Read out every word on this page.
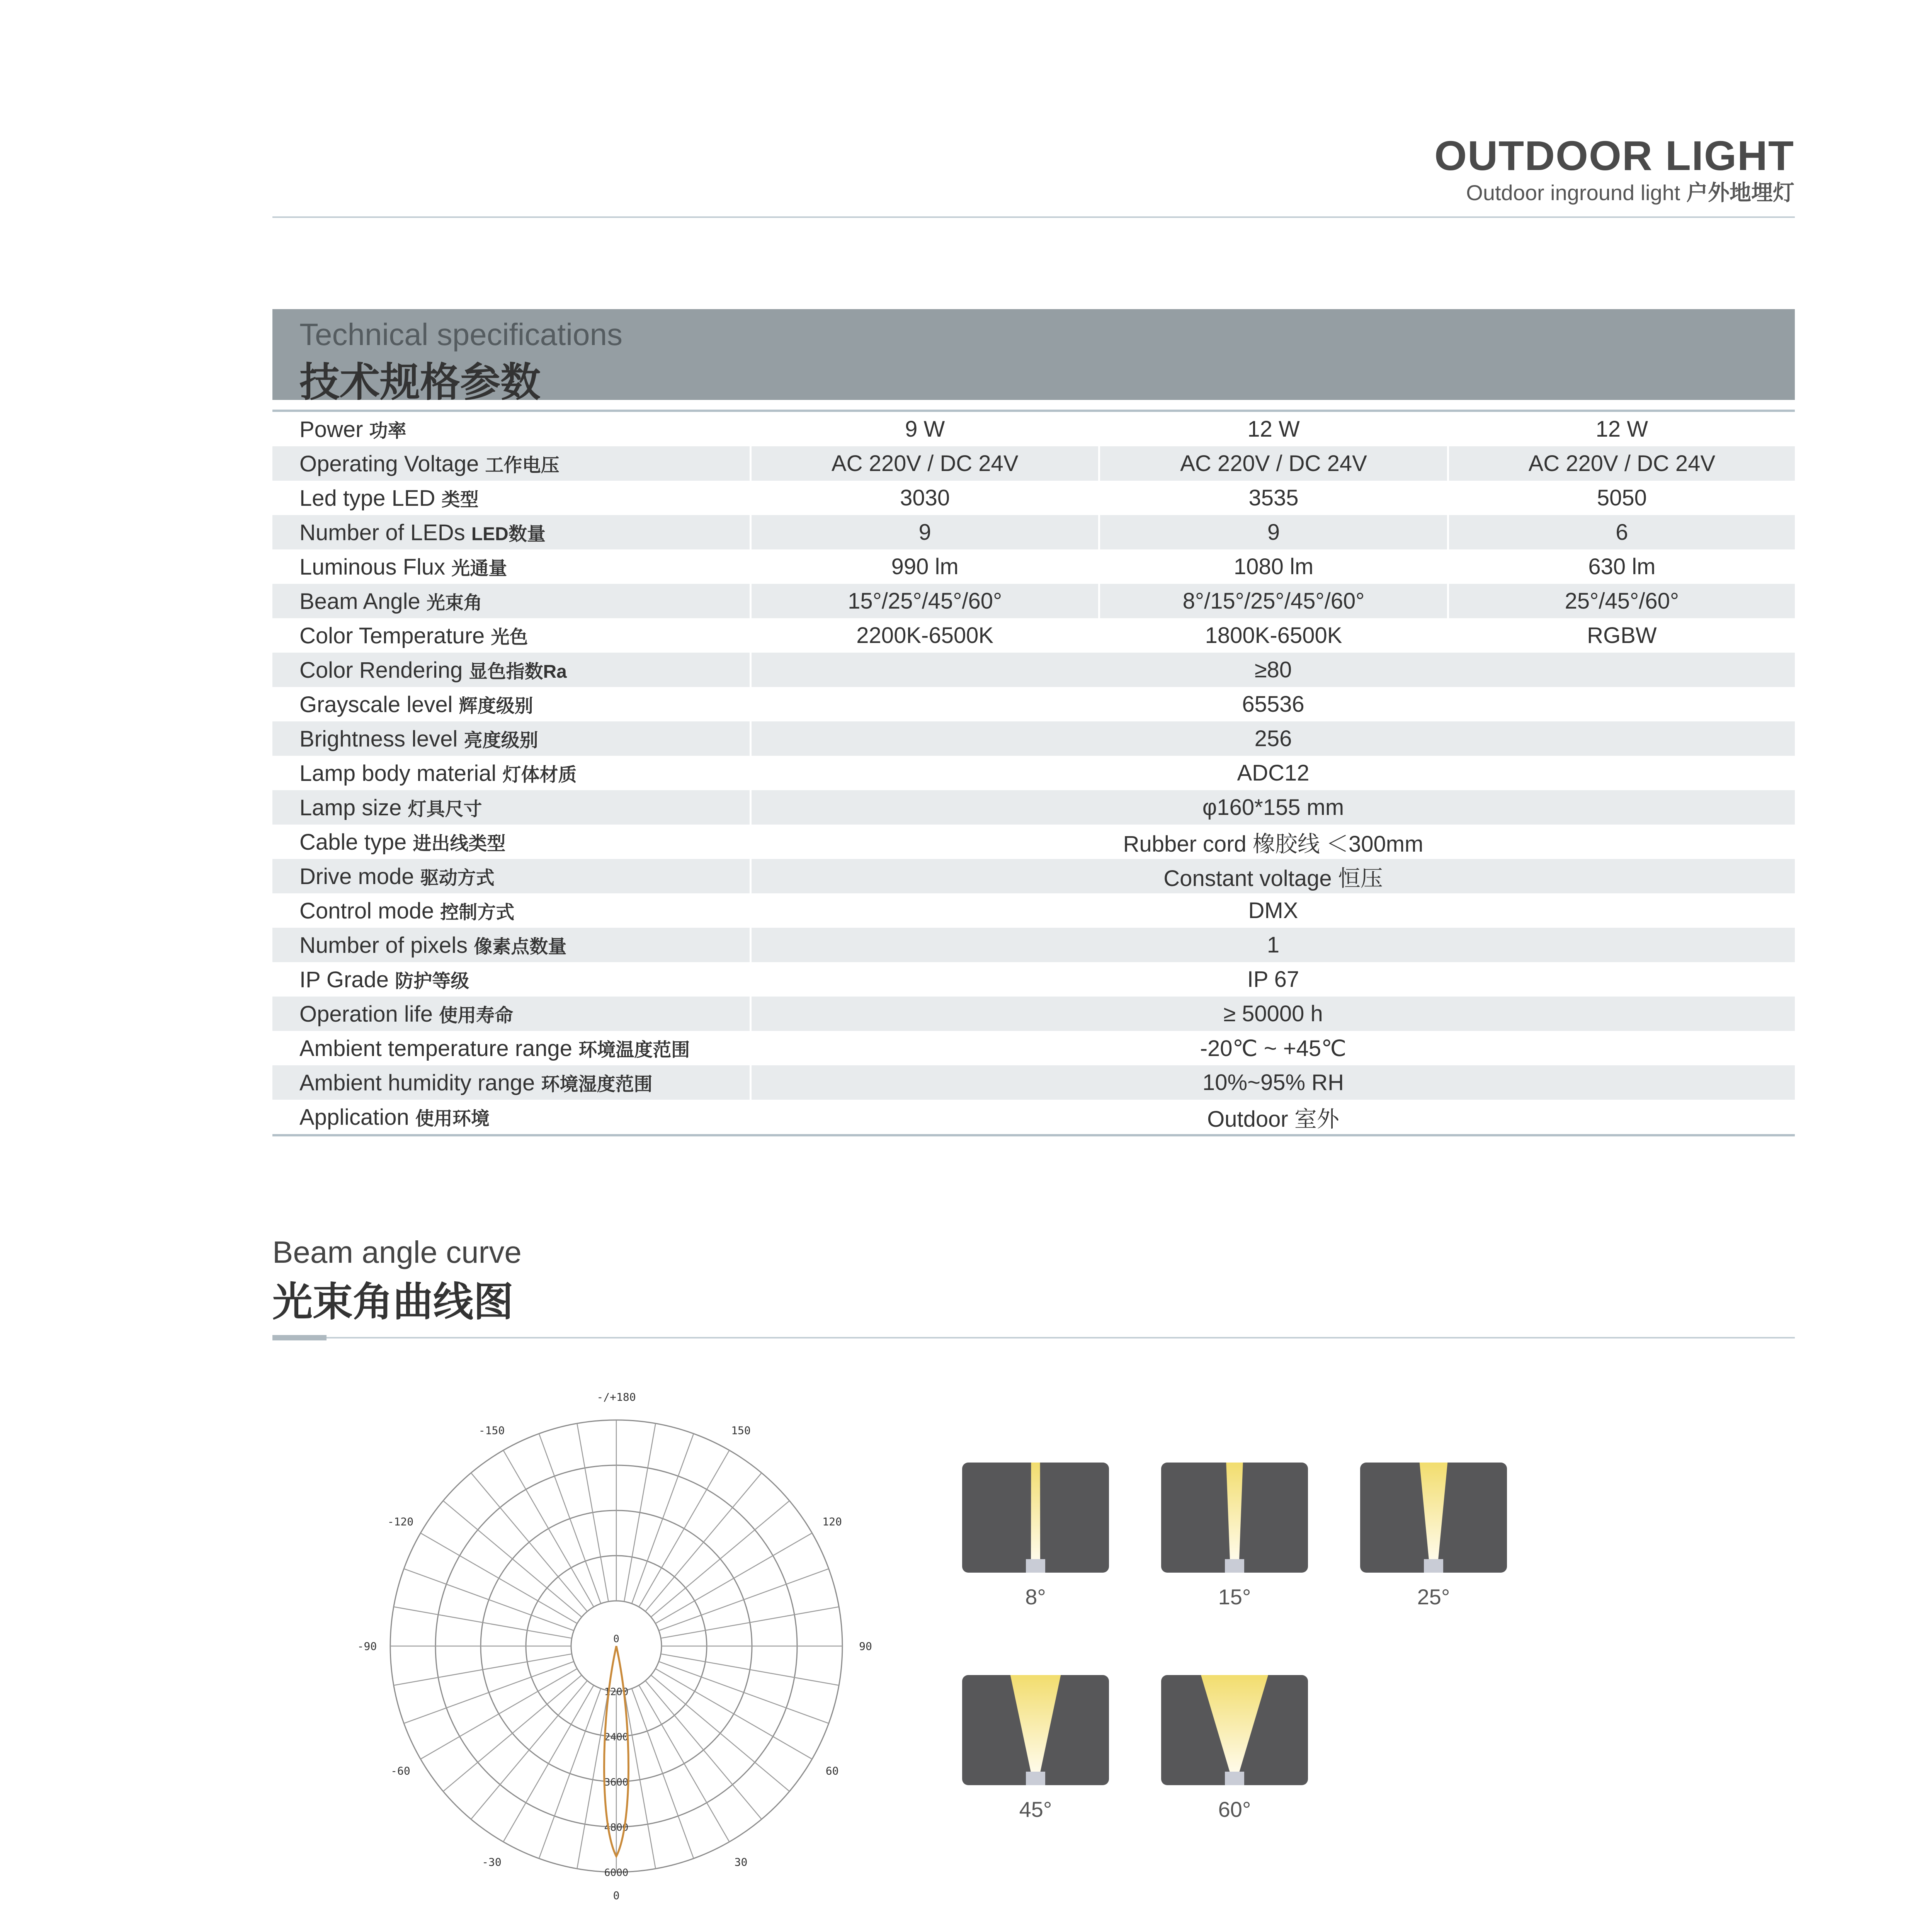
OUTDOOR LIGHT
Outdoor inground light 户外地埋灯
Technical specifications
技术规格参数
Power 功率	9 W	12 W	12 W
Operating Voltage 工作电压	AC 220V / DC 24V	AC 220V / DC 24V	AC 220V / DC 24V
Led type LED 类型	3030	3535	5050
Number of LEDs LED数量	9	9	6
Luminous Flux 光通量	990 lm	1080 lm	630 lm
Beam Angle 光束角	15°/25°/45°/60°	8°/15°/25°/45°/60°	25°/45°/60°
Color Temperature 光色	2200K-6500K	1800K-6500K	RGBW
Color Rendering 显色指数Ra	≥80		
Grayscale level 辉度级别	65536		
Brightness level 亮度级别	256		
Lamp body material 灯体材质	ADC12		
Lamp size 灯具尺寸	φ160*155 mm		
Cable type 进出线类型	Rubber cord 橡胶线 ＜300mm		
Drive mode 驱动方式	Constant voltage 恒压		
Control mode 控制方式	DMX		
Number of pixels 像素点数量	1		
IP Grade 防护等级	IP 67		
Operation life 使用寿命	≥ 50000 h		
Ambient temperature range 环境温度范围	-20℃ ~ +45℃		
Ambient humidity range 环境湿度范围	10%~95% RH		
Application 使用环境	Outdoor 室外		
Beam angle curve
光束角曲线图
-/+180
150
120
90
60
30
0
-30
-60
-90
-120
-150
0
1200
2400
3600
4800
6000
8°	15°	25°
45°	60°
